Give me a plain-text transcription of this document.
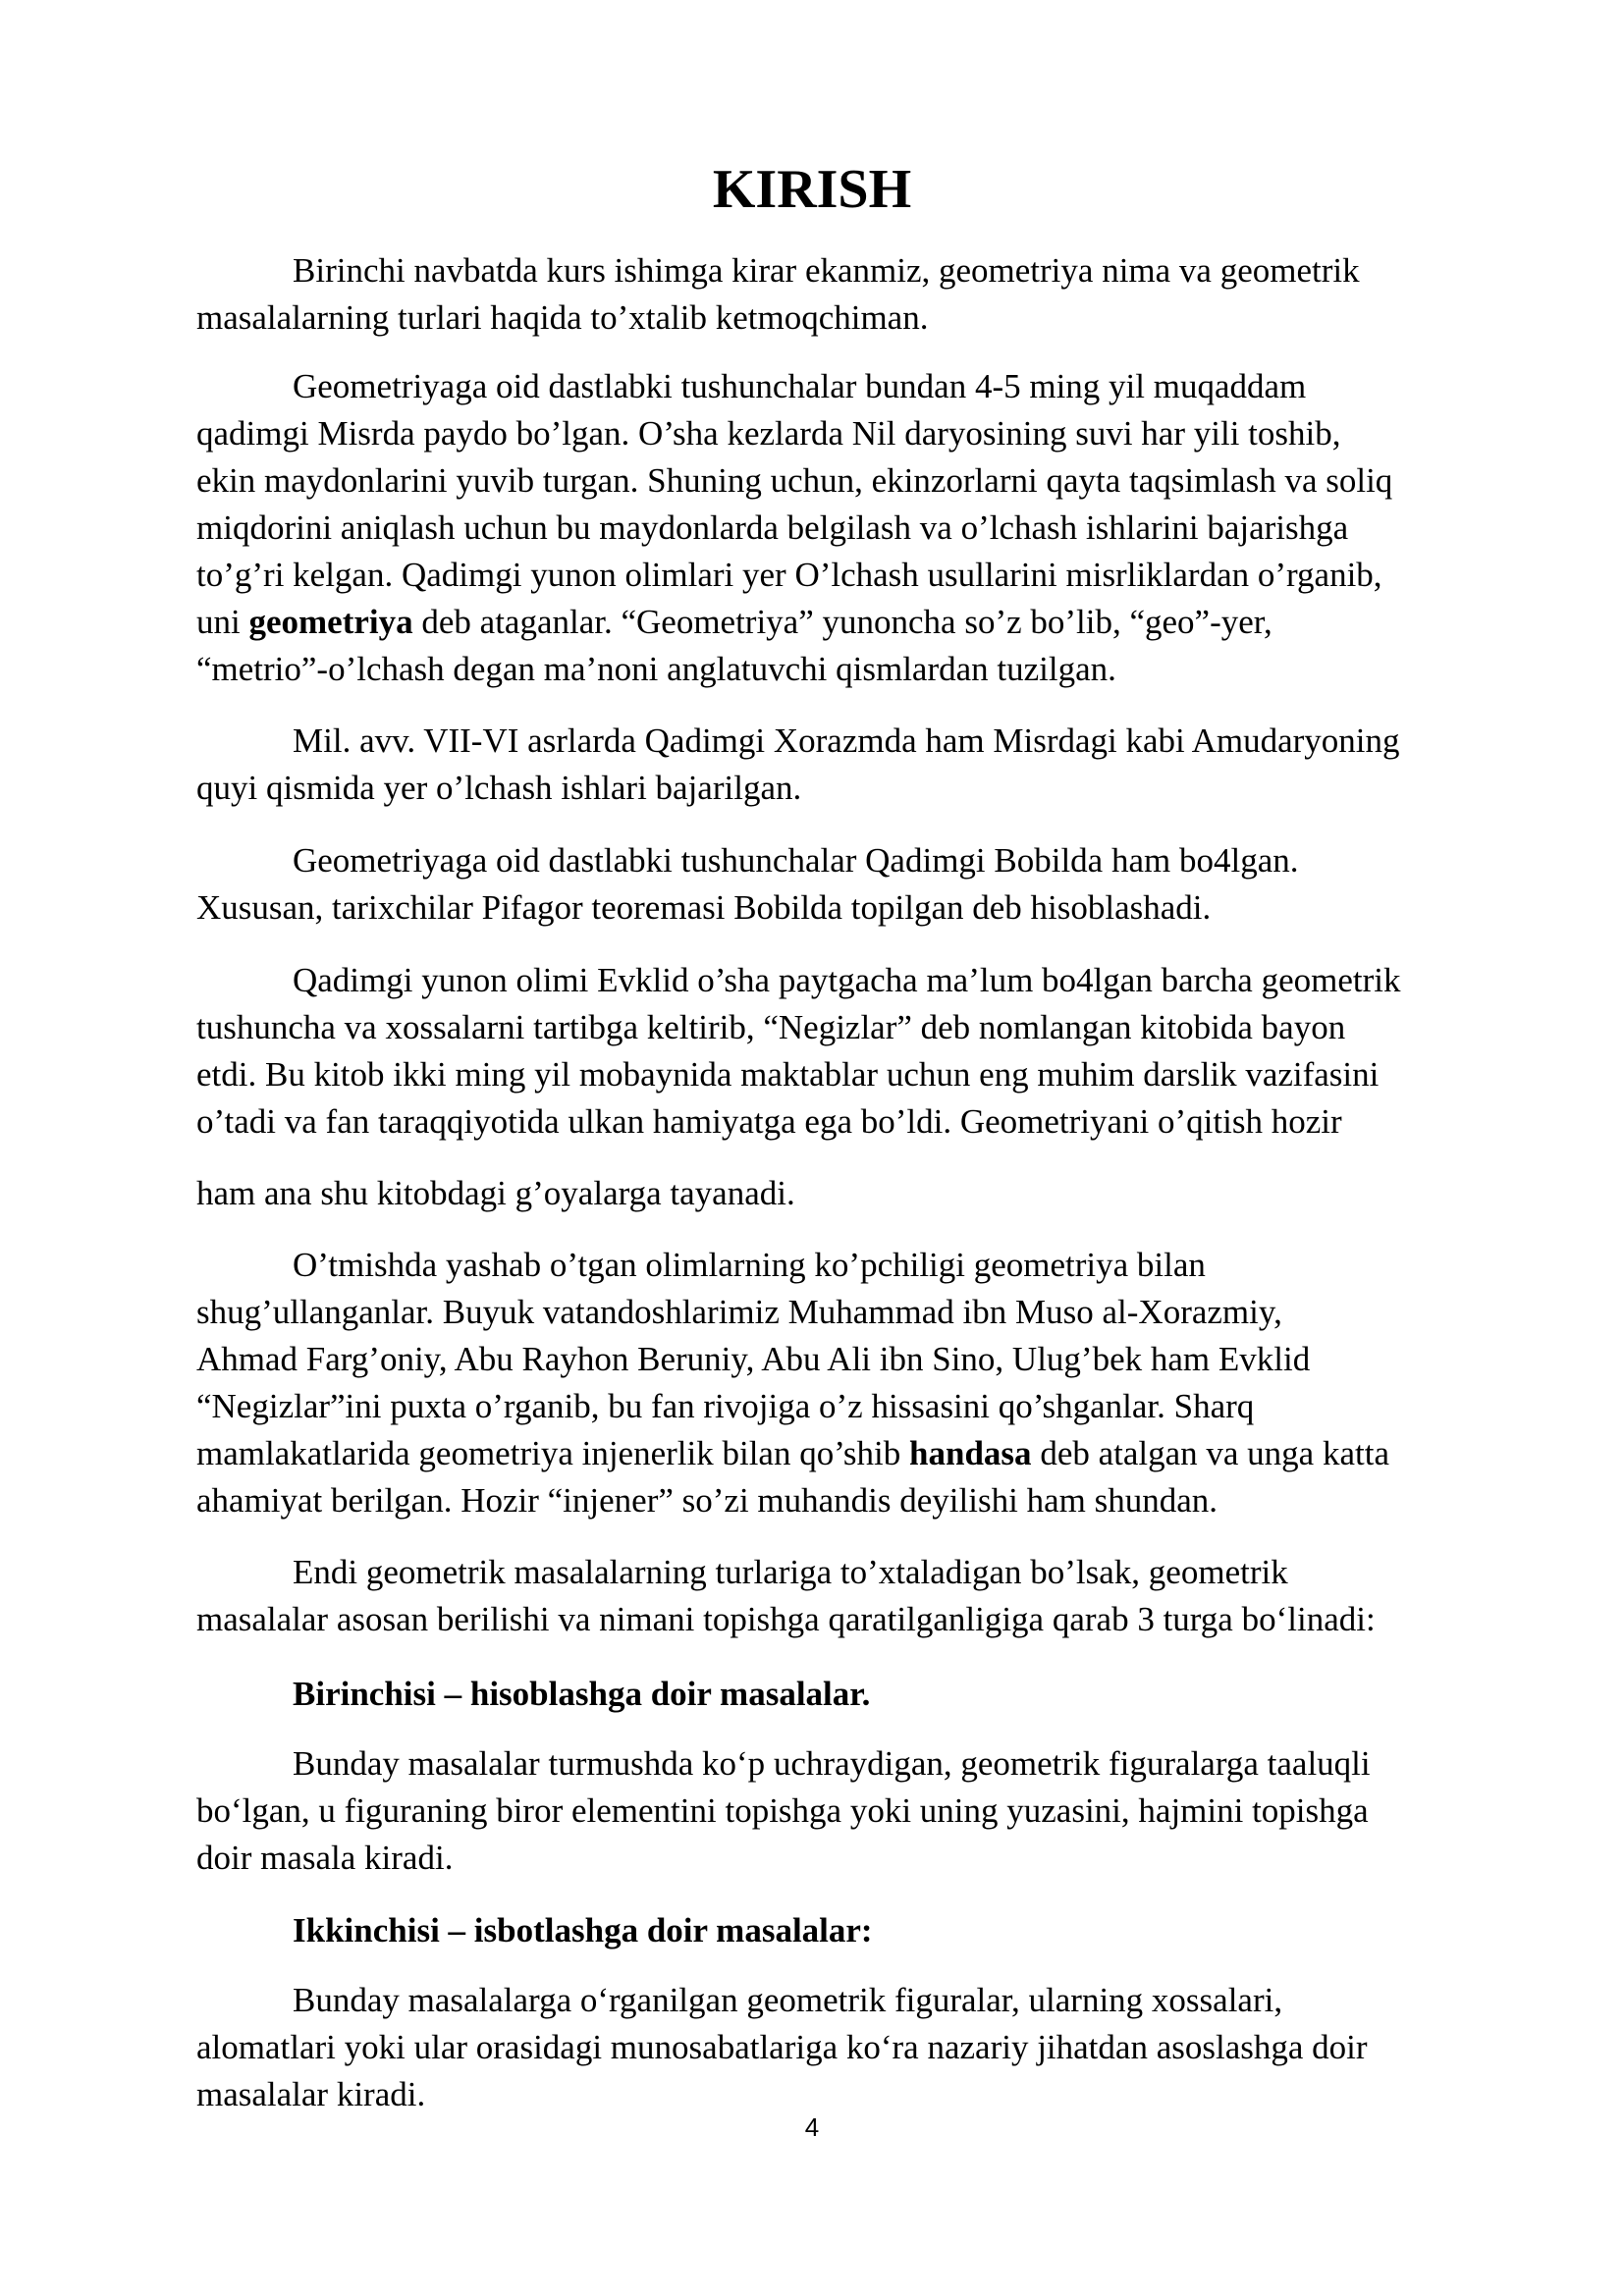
KIRISH
Birinchi navbatda kurs ishimga kirar ekanmiz, geometriya nima va geometrik
masalalarning turlari haqida to’xtalib ketmoqchiman.
Geometriyaga oid dastlabki tushunchalar bundan 4-5 ming yil muqaddam
qadimgi Misrda paydo bo’lgan. O’sha kezlarda Nil daryosining suvi har yili toshib,
ekin maydonlarini yuvib turgan. Shuning uchun, ekinzorlarni qayta taqsimlash va soliq
miqdorini aniqlash uchun bu maydonlarda belgilash va o’lchash ishlarini bajarishga
to’g’ri kelgan. Qadimgi yunon olimlari yer O’lchash usullarini misrliklardan o’rganib,
uni geometriya deb ataganlar. “Geometriya” yunoncha so’z bo’lib, “geo”-yer,
“metrio”-o’lchash degan ma’noni anglatuvchi qismlardan tuzilgan.
Mil. avv. VII-VI asrlarda Qadimgi Xorazmda ham Misrdagi kabi Amudaryoning
quyi qismida yer o’lchash ishlari bajarilgan.
Geometriyaga oid dastlabki tushunchalar Qadimgi Bobilda ham bo4lgan.
Xususan, tarixchilar Pifagor teoremasi Bobilda topilgan deb hisoblashadi.
Qadimgi yunon olimi Evklid o’sha paytgacha ma’lum bo4lgan barcha geometrik
tushuncha va xossalarni tartibga keltirib, “Negizlar” deb nomlangan kitobida bayon
etdi. Bu kitob ikki ming yil mobaynida maktablar uchun eng muhim darslik vazifasini
o’tadi va fan taraqqiyotida ulkan hamiyatga ega bo’ldi. Geometriyani o’qitish hozir
ham ana shu kitobdagi g’oyalarga tayanadi.
O’tmishda yashab o’tgan olimlarning ko’pchiligi geometriya bilan
shug’ullanganlar. Buyuk vatandoshlarimiz Muhammad ibn Muso al-Xorazmiy,
Ahmad Farg’oniy, Abu Rayhon Beruniy, Abu Ali ibn Sino, Ulug’bek ham Evklid
“Negizlar”ini puxta o’rganib, bu fan rivojiga o’z hissasini qo’shganlar. Sharq
mamlakatlarida geometriya injenerlik bilan qo’shib handasa deb atalgan va unga katta
ahamiyat berilgan. Hozir “injener” so’zi muhandis deyilishi ham shundan.
Endi geometrik masalalarning turlariga to’xtaladigan bo’lsak, geometrik
masalalar asosan berilishi va nimani topishga qaratilganligiga qarab 3 turga bo‘linadi:
Birinchisi – hisoblashga doir masalalar.
Bunday masalalar turmushda ko‘p uchraydigan, geometrik figuralarga taaluqli
bo‘lgan, u figuraning biror elementini topishga yoki uning yuzasini, hajmini topishga
doir masala kiradi.
Ikkinchisi – isbotlashga doir masalalar:
Bunday masalalarga o‘rganilgan geometrik figuralar, ularning xossalari,
alomatlari yoki ular orasidagi munosabatlariga ko‘ra nazariy jihatdan asoslashga doir
masalalar kiradi.
4
